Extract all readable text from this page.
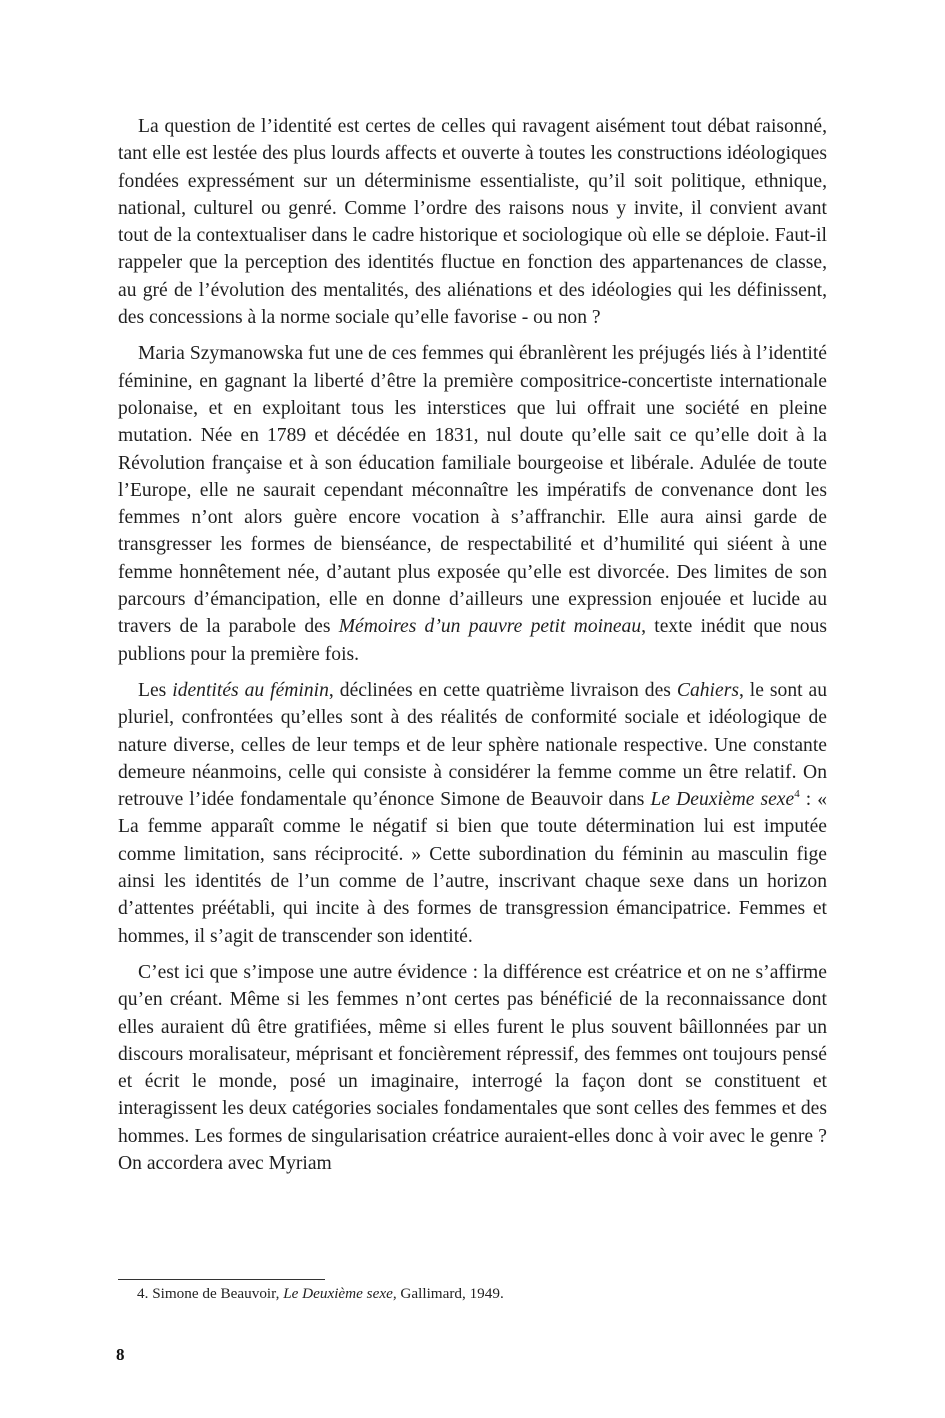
La question de l’identité est certes de celles qui ravagent aisément tout débat raisonné, tant elle est lestée des plus lourds affects et ouverte à toutes les constructions idéologiques fondées expressément sur un déterminisme essentialiste, qu’il soit politique, ethnique, national, culturel ou genré. Comme l’ordre des raisons nous y invite, il convient avant tout de la contextualiser dans le cadre historique et sociologique où elle se déploie. Faut-il rappeler que la perception des identités fluctue en fonction des appartenances de classe, au gré de l’évolution des mentalités, des aliénations et des idéologies qui les définissent, des concessions à la norme sociale qu’elle favorise - ou non ?

Maria Szymanowska fut une de ces femmes qui ébranlèrent les préjugés liés à l’identité féminine, en gagnant la liberté d’être la première compositrice-concertiste internationale polonaise, et en exploitant tous les interstices que lui offrait une société en pleine mutation. Née en 1789 et décédée en 1831, nul doute qu’elle sait ce qu’elle doit à la Révolution française et à son éducation familiale bourgeoise et libérale. Adulée de toute l’Europe, elle ne saurait cependant méconnaître les impératifs de convenance dont les femmes n’ont alors guère encore vocation à s’affranchir. Elle aura ainsi garde de transgresser les formes de bienséance, de respectabilité et d’humilité qui siéent à une femme honnêtement née, d’autant plus exposée qu’elle est divorcée. Des limites de son parcours d’émancipation, elle en donne d’ailleurs une expression enjouée et lucide au travers de la parabole des Mémoires d’un pauvre petit moineau, texte inédit que nous publions pour la première fois.

Les identités au féminin, déclinées en cette quatrième livraison des Cahiers, le sont au pluriel, confrontées qu’elles sont à des réalités de conformité sociale et idéologique de nature diverse, celles de leur temps et de leur sphère nationale respective. Une constante demeure néanmoins, celle qui consiste à considérer la femme comme un être relatif. On retrouve l’idée fondamentale qu’énonce Simone de Beauvoir dans Le Deuxième sexe$^4$ : « La femme apparaît comme le négatif si bien que toute détermination lui est imputée comme limitation, sans réciprocité. » Cette subordination du féminin au masculin fige ainsi les identités de l’un comme de l’autre, inscrivant chaque sexe dans un horizon d’attentes préétabli, qui incite à des formes de transgression émancipatrice. Femmes et hommes, il s’agit de transcender son identité.

C’est ici que s’impose une autre évidence : la différence est créatrice et on ne s’affirme qu’en créant. Même si les femmes n’ont certes pas bénéficié de la reconnaissance dont elles auraient dû être gratifiées, même si elles furent le plus souvent bâillonnées par un discours moralisateur, méprisant et foncièrement répressif, des femmes ont toujours pensé et écrit le monde, posé un imaginaire, interrogé la façon dont se constituent et interagissent les deux catégories sociales fondamentales que sont celles des femmes et des hommes. Les formes de singularisation créatrice auraient-elles donc à voir avec le genre ? On accordera avec Myriam

4. Simone de Beauvoir, Le Deuxième sexe, Gallimard, 1949.
8
